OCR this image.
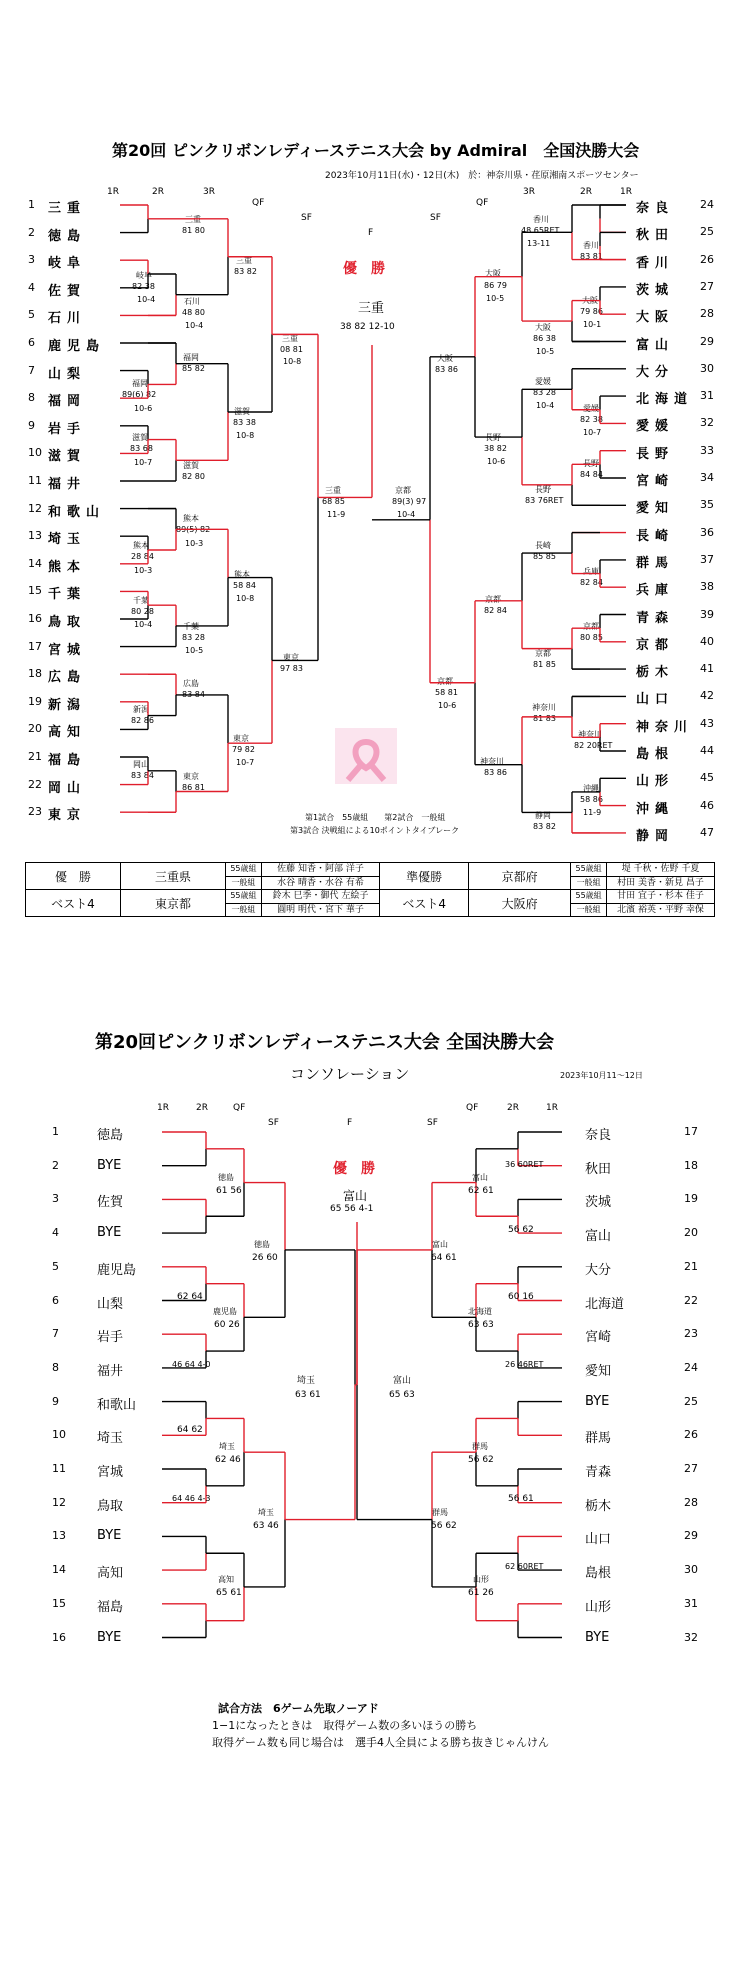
第20回 ピンクリボンレディーステニス大会 by Admiral　全国決勝大会
2023年10月11日(水)・12日(木)　於：神奈川県・荏原湘南スポーツセンター
1R	2R	3R
QF
SF
F
SF
QF
3R	2R	1R
優　勝
三重
38 82 12-10
1 三重
2 徳島
3 岐阜
4 佐賀
5 石川
6 鹿児島
7 山梨
8 福岡
9 岩手
10 滋賀
11 福井
12 和歌山
13 埼玉
14 熊本
15 千葉
16 鳥取
17 宮城
18 広島
19 新潟
20 高知
21 福島
22 岡山
23 東京
奈良 24
秋田 25
香川 26
茨城 27
大阪 28
富山 29
大分 30
北海道 31
愛媛 32
長野 33
宮崎 34
愛知 35
長崎 36
群馬 37
兵庫 38
青森 39
京都 40
栃木 41
山口 42
神奈川 43
島根 44
山形 45
沖縄 46
静岡 47
三重
81 80
岐阜
82 38
10-4	石川
48 80
10-4
三重
83 82
福岡
85 82
福岡
89(6) 82
10-6
滋賀
83 68
10-7	滋賀
82 80
滋賀
83 38
10-8
三重
08 81
10-8
熊本
89(5) 82
10-3
熊本
28 84
10-3
千葉
80 28
10-4	千葉
83 28
10-5
熊本
58 84
10-8
広島
83 84
新潟
82 86
岡山
83 84	東京
86 81
東京
79 82
10-7
東京
97 83
三重
68 85
11-9
京都
89(3) 97
10-4
香川
48 65RET
13-11	香川
83 81
大阪
86 79
10-5	大阪
79 86
10-1
大阪
86 38
10-5
愛媛
83 28
10-4	愛媛
82 38
10-7
長野
38 82
10-6	長野
84 84
長野
83 76RET
大阪
83 86
長崎
85 85
兵庫
82 84
京都
82 84
京都
80 85
京都
81 85
京都
58 81
10-6	神奈川
81 83
神奈川
82 20RET
神奈川
83 86
沖縄
58 86
11-9
静岡
83 82
第1試合　55歳組　　第2試合　一般組
第3試合 決戦組による10ポイントタイブレーク
優　勝	三重県	55歳組	佐藤 知香・阿部 洋子	準優勝	京都府	55歳組	堤 千秋・佐野 千夏
		一般組	水谷 晴香・水谷 有希			一般組	村田 美香・新見 昌子
ベスト4	東京都	55歳組	鈴木 巳季・御代 左絵子	ベスト4	大阪府	55歳組	甘田 宜子・杉本 佳子
		一般組	圓明 明代・宮下 華子			一般組	北濱 裕英・平野 幸保
第20回ピンクリボンレディーステニス大会 全国決勝大会
コンソレーション	2023年10月11〜12日
1R	2R	QF
SF	F	SF
QF	2R	1R
優　勝
富山
65 56 4-1
1	徳島
2	BYE
3	佐賀
4	BYE
5	鹿児島
6	山梨
7	岩手
8	福井
9	和歌山
10 埼玉
11 宮城
12 鳥取
13 BYE
14 高知
15 福島
16 BYE
奈良	17
秋田	18
茨城	19
富山	20
大分	21
北海道	22
宮崎	23
愛知	24
BYE	25
群馬	26
青森	27
栃木	28
山口	29
島根	30
山形	31
BYE	32
徳島
61 56
徳島
26 60
62 64
鹿児島
60 26
46 64 4-0
64 62
埼玉
62 46
64 46 4-3
埼玉
63 46
高知
65 61
埼玉
63 61
富山
65 63
36 60RET
富山
62 61
56 62
富山
64 61
60 16
北海道
63 63
26 46RET
群馬
56 62
56 61
群馬
56 62
62 60RET
山形
61 26
試合方法　6ゲーム先取ノーアド
1−1になったときは　取得ゲーム数の多いほうの勝ち
取得ゲーム数も同じ場合は　選手4人全員による勝ち抜きじゃんけん
